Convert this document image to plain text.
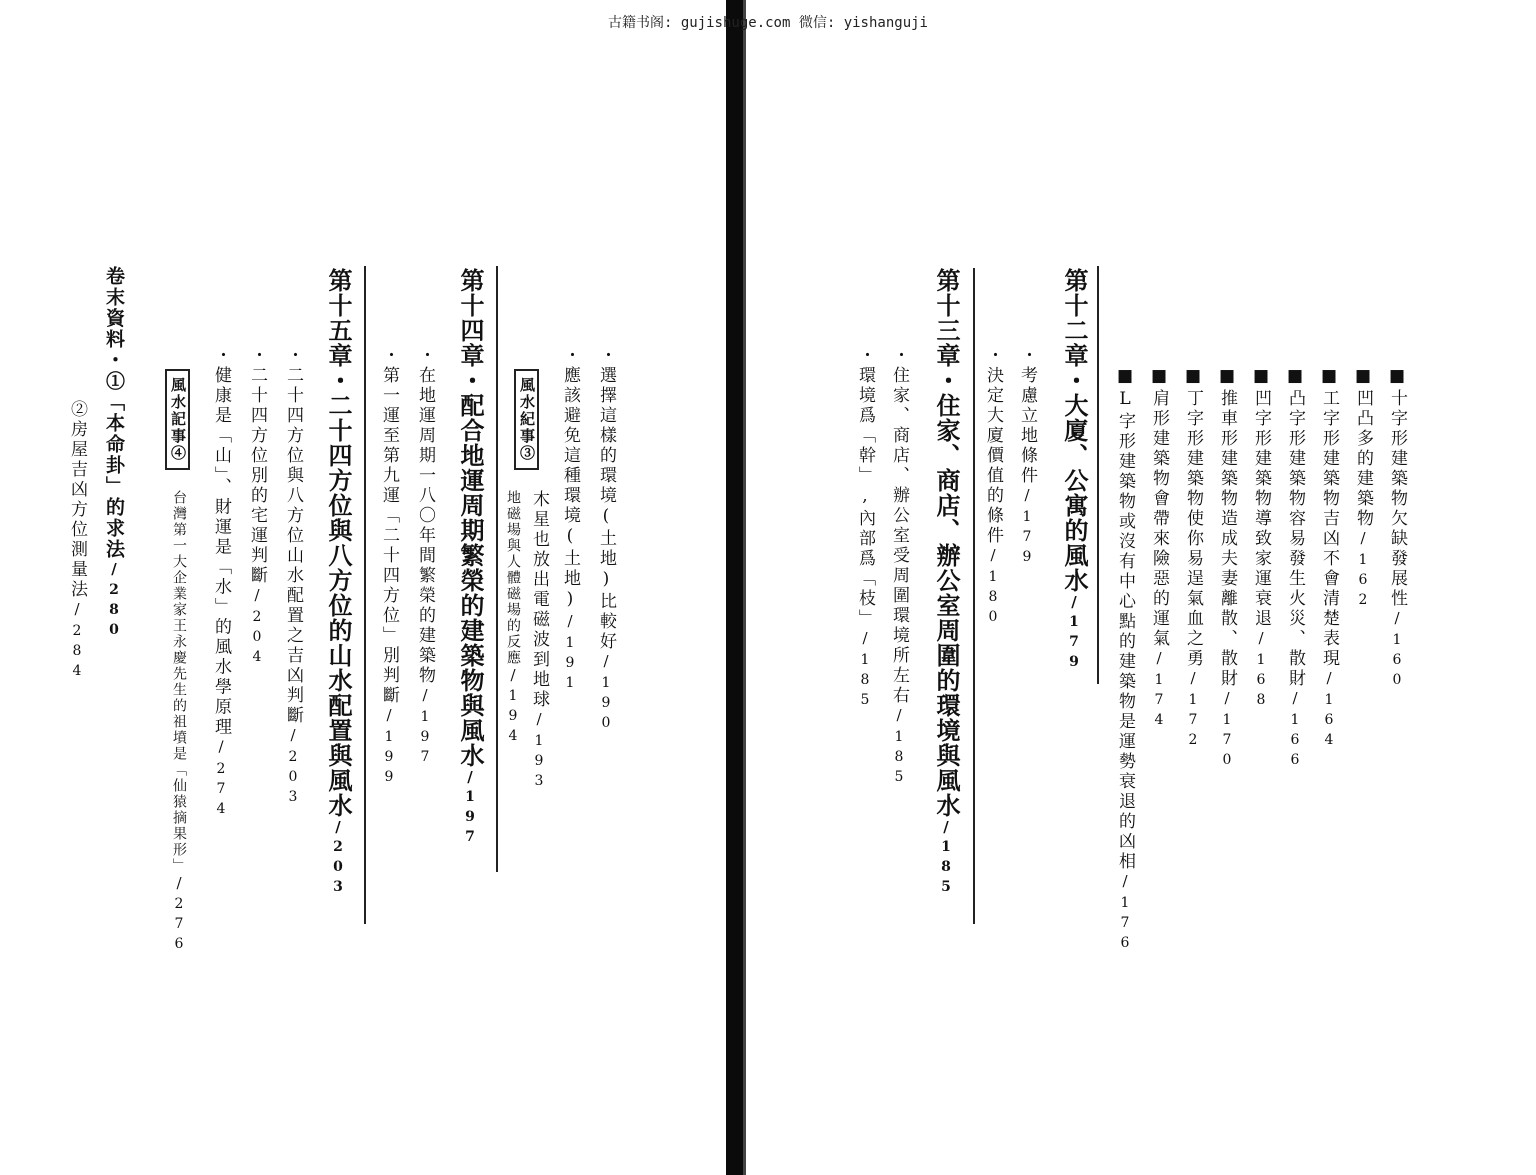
古籍书阁: gujishuge.com 微信: yishanguji
■十字形建築物欠缺發展性/160
■凹凸多的建築物/162
■工字形建築物吉凶不會清楚表現/164
■凸字形建築物容易發生火災、散財/166
■凹字形建築物導致家運衰退/168
■推車形建築物造成夫妻離散、散財/170
■丁字形建築物使你易逞氣血之勇/172
■肩形建築物會帶來險惡的運氣/174
■L字形建築物或沒有中心點的建築物是運勢衰退的凶相/176
第十二章・大廈、公寓的風水/179
・考慮立地條件/179
・決定大廈價值的條件/180
第十三章・住家、商店、辦公室周圍的環境與風水/185
・住家、商店、辦公室受周圍環境所左右/185
・環境爲「幹」,內部爲「枝」/185
・選擇這樣的環境(土地)比較好/190
・應該避免這種環境(土地)/191
風水紀事③
木星也放出電磁波到地球/193
地磁場與人體磁場的反應/194
第十四章・配合地運周期繁榮的建築物與風水/197
・在地運周期一八〇年間繁榮的建築物/197
・第一運至第九運「二十四方位」別判斷/199
第十五章・二十四方位與八方位的山水配置與風水/203
・二十四方位與八方位山水配置之吉凶判斷/203
・二十四方位別的宅運判斷/204
・健康是「山」、財運是「水」的風水學原理/274
風水記事④
台灣第一大企業家王永慶先生的祖墳是「仙猿摘果形」/276
卷末資料・①「本命卦」的求法/280
②房屋吉凶方位測量法/284
